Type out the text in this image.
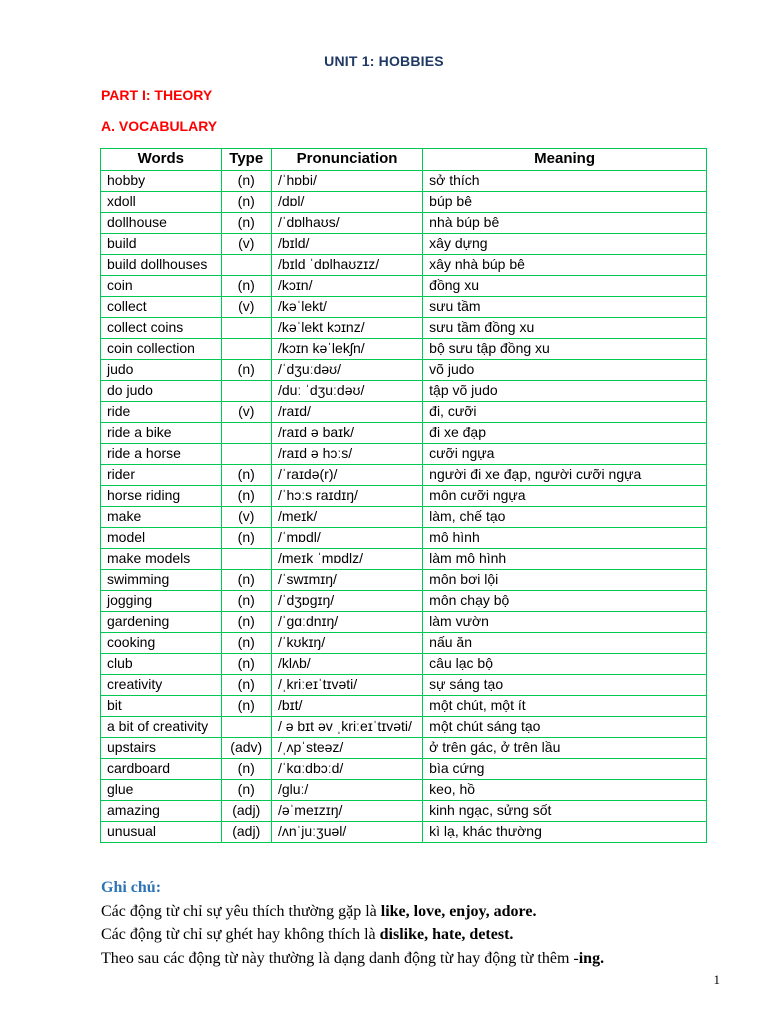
UNIT 1: HOBBIES
PART I: THEORY
A. VOCABULARY
Words	Type	Pronunciation	Meaning
hobby	(n)	/ˈhɒbi/	sở thích
xdoll	(n)	/dɒl/	búp bê
dollhouse	(n)	/ˈdɒlhaʊs/	nhà búp bê
build	(v)	/bɪld/	xây dựng
build dollhouses		/bɪld ˈdɒlhaʊzɪz/	xây nhà búp bê
coin	(n)	/kɔɪn/	đồng xu
collect	(v)	/kəˈlekt/	sưu tầm
collect coins		/kəˈlekt kɔɪnz/	sưu tầm đồng xu
coin collection		/kɔɪn kəˈlekʃn/	bộ sưu tập đồng xu
judo	(n)	/ˈdʒuːdəʊ/	võ judo
do judo		/duː ˈdʒuːdəʊ/	tập võ judo
ride	(v)	/raɪd/	đi, cưỡi
ride a bike		/raɪd ə baɪk/	đi xe đạp
ride a horse		/raɪd ə hɔːs/	cưỡi ngựa
rider	(n)	/ˈraɪdə(r)/	người đi xe đạp, người cưỡi ngựa
horse riding	(n)	/ˈhɔːs raɪdɪŋ/	môn cưỡi ngựa
make	(v)	/meɪk/	làm, chế tạo
model	(n)	/ˈmɒdl/	mô hình
make models		/meɪk ˈmɒdlz/	làm mô hình
swimming	(n)	/ˈswɪmɪŋ/	môn bơi lội
jogging	(n)	/ˈdʒɒgɪŋ/	môn chạy bộ
gardening	(n)	/ˈgɑːdnɪŋ/	làm vườn
cooking	(n)	/ˈkʊkɪŋ/	nấu ăn
club	(n)	/klʌb/	câu lạc bộ
creativity	(n)	/ˌkriːeɪˈtɪvəti/	sự sáng tạo
bit	(n)	/bɪt/	một chút, một ít
a bit of creativity		/ ə bɪt əv ˌkriːeɪˈtɪvəti/	một chút sáng tạo
upstairs	(adv)	/ˌʌpˈsteəz/	ở trên gác, ở trên lầu
cardboard	(n)	/ˈkɑːdbɔːd/	bìa cứng
glue	(n)	/gluː/	keo, hồ
amazing	(adj)	/əˈmeɪzɪŋ/	kinh ngạc, sửng sốt
unusual	(adj)	/ʌnˈjuːʒuəl/	kì lạ, khác thường
Ghi chú:
Các động từ chỉ sự yêu thích thường gặp là like, love, enjoy, adore.
Các động từ chỉ sự ghét hay không thích là dislike, hate, detest.
Theo sau các động từ này thường là dạng danh động từ hay động từ thêm -ing.
1
